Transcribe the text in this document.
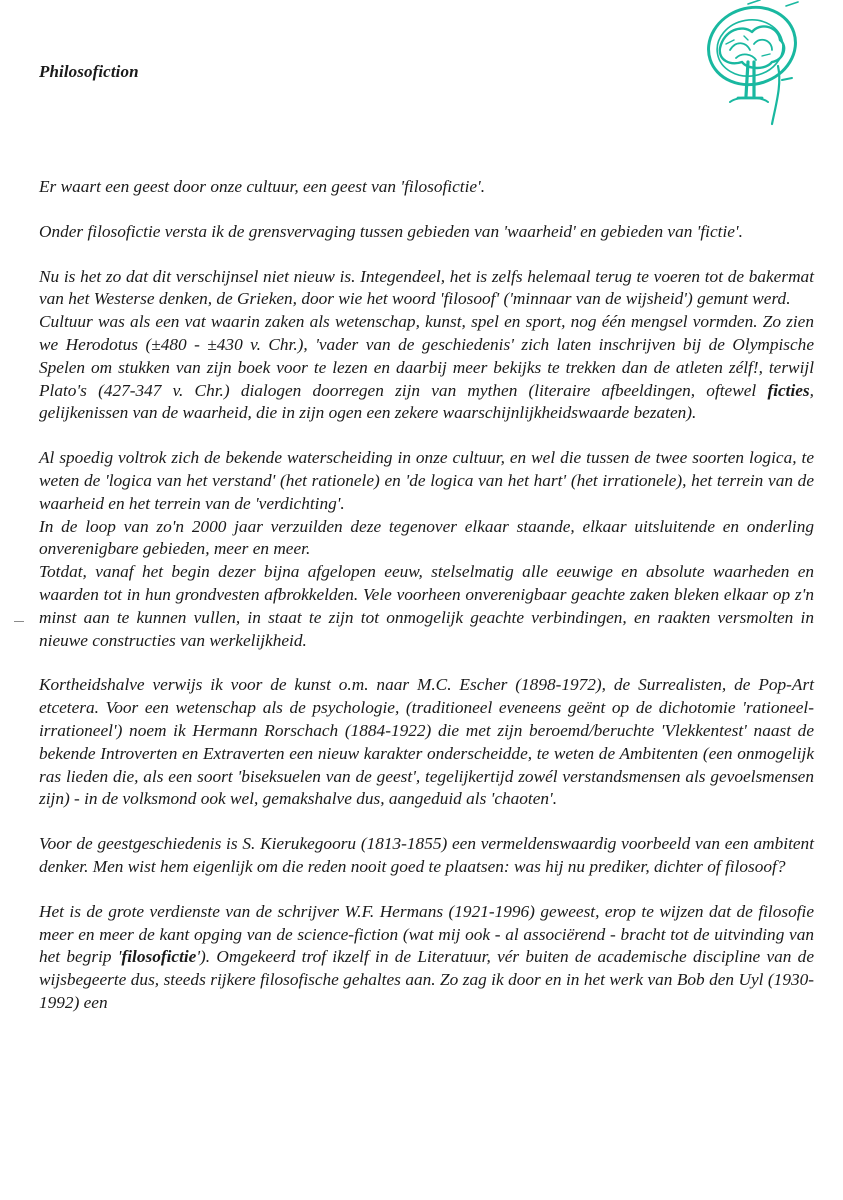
Philosofiction

Er waart een geest door onze cultuur, een geest van 'filosofictie'.

Onder filosofictie versta ik de grensvervaging tussen gebieden van 'waarheid' en gebieden van 'fictie'.

Nu is het zo dat dit verschijnsel niet nieuw is. Integendeel, het is zelfs helemaal terug te voeren tot de bakermat van het Westerse denken, de Grieken, door wie het woord 'filosoof' ('minnaar van de wijsheid') gemunt werd.

Cultuur was als een vat waarin zaken als wetenschap, kunst, spel en sport, nog één mengsel vormden. Zo zien we Herodotus (±480 - ±430 v. Chr.), 'vader van de geschiedenis' zich laten inschrijven bij de Olympische Spelen om stukken van zijn boek voor te lezen en daarbij meer bekijks te trekken dan de atleten zélf!, terwijl Plato's (427-347 v. Chr.) dialogen doorregen zijn van mythen (literaire afbeeldingen, oftewel ficties, gelijkenissen van de waarheid, die in zijn ogen een zekere waarschijnlijkheidswaarde bezaten).

Al spoedig voltrok zich de bekende waterscheiding in onze cultuur, en wel die tussen de twee soorten logica, te weten de 'logica van het verstand' (het rationele) en 'de logica van het hart' (het irrationele), het terrein van de waarheid en het terrein van de 'verdichting'.

In de loop van zo'n 2000 jaar verzuilden deze tegenover elkaar staande, elkaar uitsluitende en onderling onverenigbare gebieden, meer en meer.

Totdat, vanaf het begin dezer bijna afgelopen eeuw, stelselmatig alle eeuwige en absolute waarheden en waarden tot in hun grondvesten afbrokkelden. Vele voorheen onverenigbaar geachte zaken bleken elkaar op z'n minst aan te kunnen vullen, in staat te zijn tot onmogelijk geachte verbindingen, en raakten versmolten in nieuwe constructies van werkelijkheid.

Kortheidshalve verwijs ik voor de kunst o.m. naar M.C. Escher (1898-1972), de Surrealisten, de Pop-Art etcetera. Voor een wetenschap als de psychologie, (traditioneel eveneens geënt op de dichotomie 'rationeel-irrationeel') noem ik Hermann Rorschach (1884-1922) die met zijn beroemd/beruchte 'Vlekkentest' naast de bekende Introverten en Extraverten een nieuw karakter onderscheidde, te weten de Ambitenten (een onmogelijk ras lieden die, als een soort 'biseksuelen van de geest', tegelijkertijd zowél verstandsmensen als gevoelsmensen zijn) - in de volksmond ook wel, gemakshalve dus, aangeduid als 'chaoten'.

Voor de geestgeschiedenis is S. Kierukegooru (1813-1855) een vermeldenswaardig voorbeeld van een ambitent denker. Men wist hem eigenlijk om die reden nooit goed te plaatsen: was hij nu prediker, dichter of filosoof?

Het is de grote verdienste van de schrijver W.F. Hermans (1921-1996) geweest, erop te wijzen dat de filosofie meer en meer de kant opging van de science-fiction (wat mij ook - al associërend - bracht tot de uitvinding van het begrip 'filosofictie'). Omgekeerd trof ikzelf in de Literatuur, vér buiten de academische discipline van de wijsbegeerte dus, steeds rijkere filosofische gehaltes aan. Zo zag ik door en in het werk van Bob den Uyl (1930-1992) een
